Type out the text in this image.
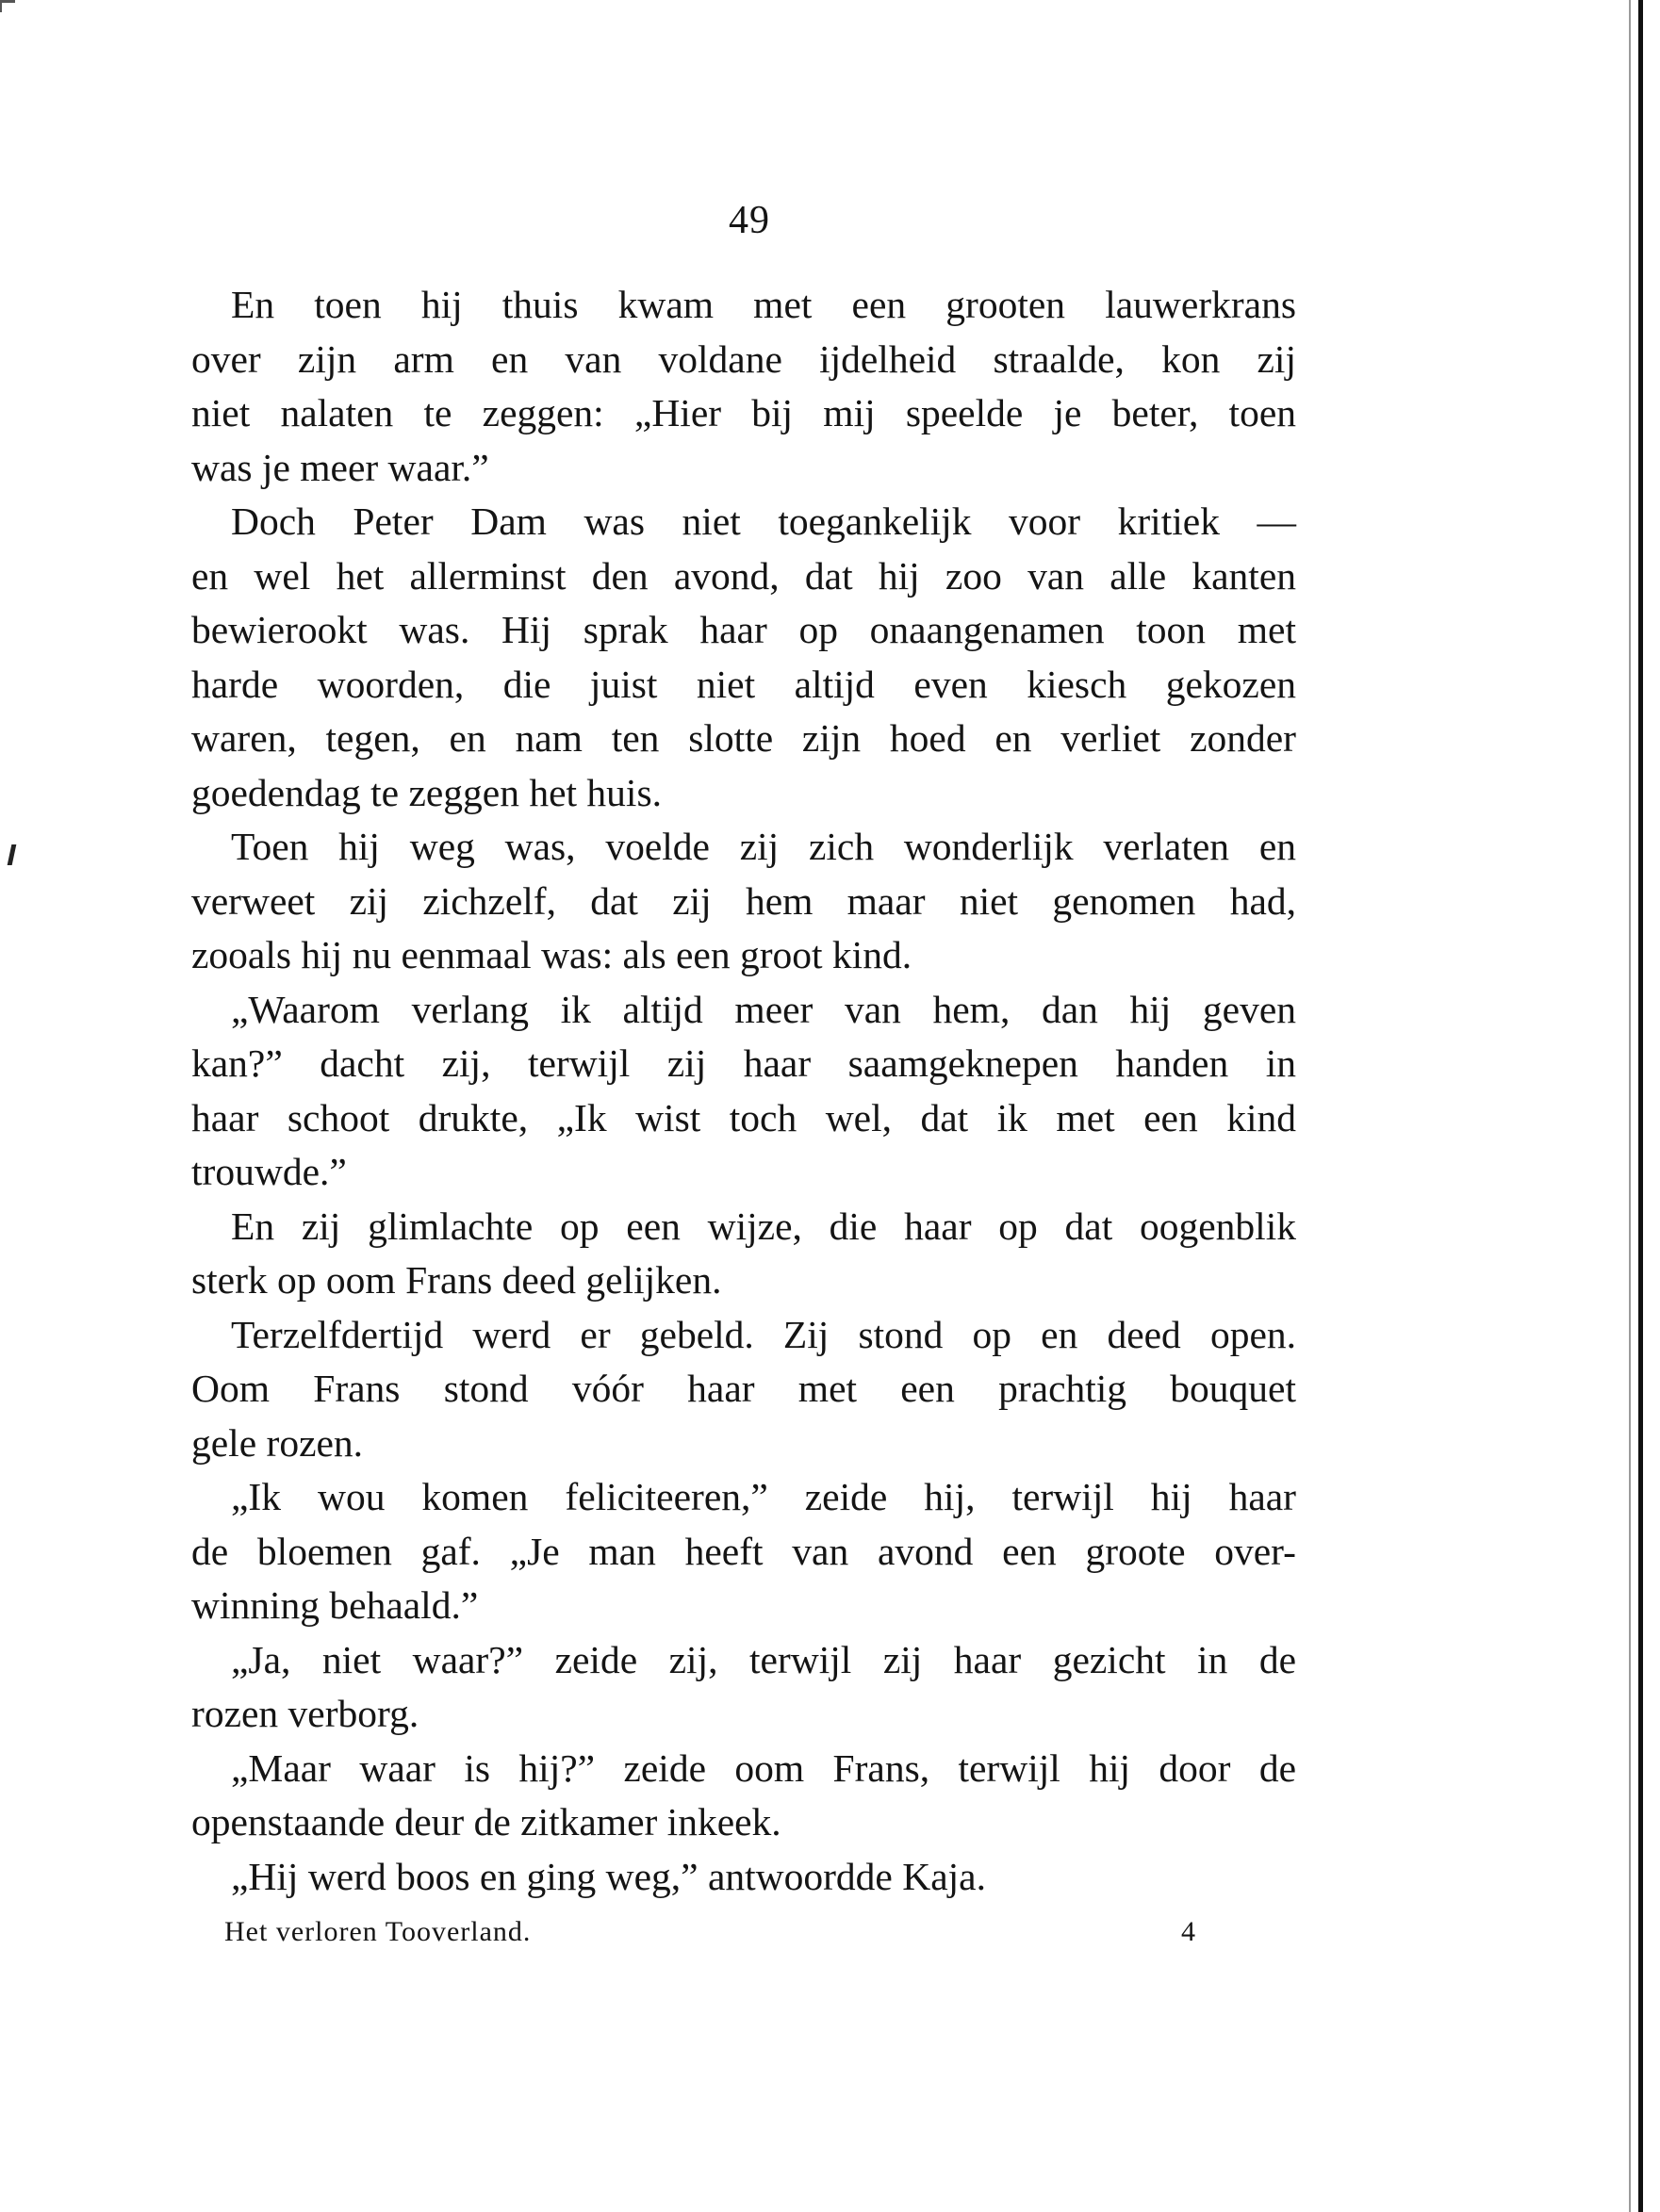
49
En toen hij thuis kwam met een grooten lauwerkrans
over zijn arm en van voldane ijdelheid straalde, kon zij
niet nalaten te zeggen: „Hier bij mij speelde je beter, toen
was je meer waar.”
Doch Peter Dam was niet toegankelijk voor kritiek —
en wel het allerminst den avond, dat hij zoo van alle kanten
bewierookt was. Hij sprak haar op onaangenamen toon met
harde woorden, die juist niet altijd even kiesch gekozen
waren, tegen, en nam ten slotte zijn hoed en verliet zonder
goedendag te zeggen het huis.
Toen hij weg was, voelde zij zich wonderlijk verlaten en
verweet zij zichzelf, dat zij hem maar niet genomen had,
zooals hij nu eenmaal was: als een groot kind.
„Waarom verlang ik altijd meer van hem, dan hij geven
kan?” dacht zij, terwijl zij haar saamgeknepen handen in
haar schoot drukte, „Ik wist toch wel, dat ik met een kind
trouwde.”
En zij glimlachte op een wijze, die haar op dat oogenblik
sterk op oom Frans deed gelijken.
Terzelfdertijd werd er gebeld. Zij stond op en deed open.
Oom Frans stond vóór haar met een prachtig bouquet
gele rozen.
„Ik wou komen feliciteeren,” zeide hij, terwijl hij haar
de bloemen gaf. „Je man heeft van avond een groote over-
winning behaald.”
„Ja, niet waar?” zeide zij, terwijl zij haar gezicht in de
rozen verborg.
„Maar waar is hij?” zeide oom Frans, terwijl hij door de
openstaande deur de zitkamer inkeek.
„Hij werd boos en ging weg,” antwoordde Kaja.
Het verloren Tooverland.	4
